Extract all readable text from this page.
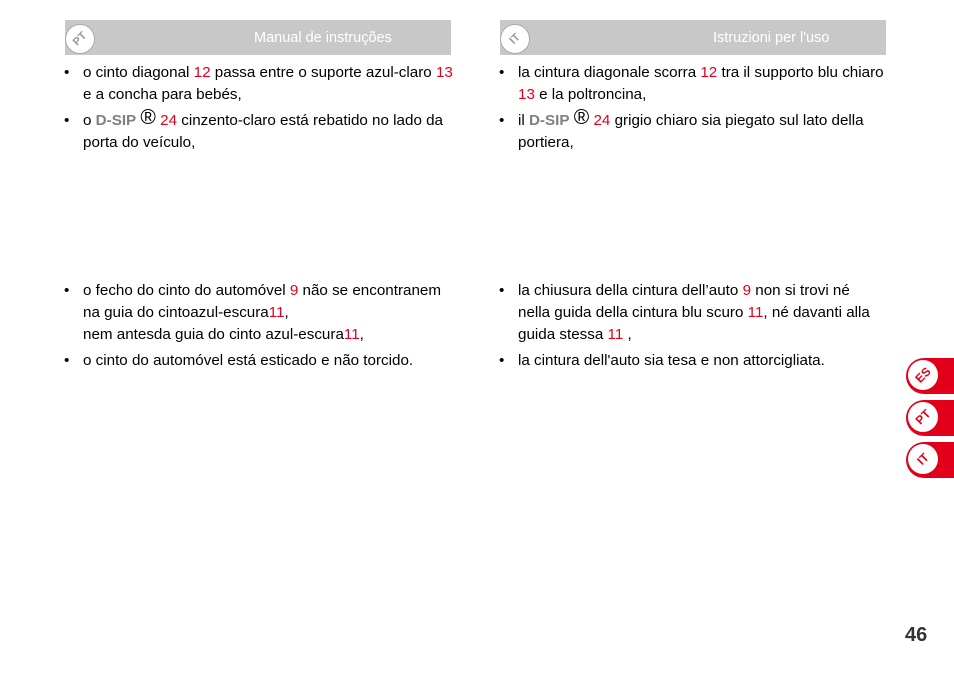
Manual de instruções
PT	Istruzioni per l'uso
IT
• o cinto diagonal 12 passa entre o suporte azul-claro 13 e a concha para bebés,
• o D-SIP ® 24 cinzento-claro está rebatido no lado da porta do veículo,
• o fecho do cinto do automóvel 9 não se encontranem na guia do cintoazul-escura11,
nem antesda guia do cinto azul-escura11,
• o cinto do automóvel está esticado e não torcido.
• la cintura diagonale scorra 12 tra il supporto blu chiaro 13 e la poltroncina,
• il D-SIP ® 24 grigio chiaro sia piegato sul lato della portiera,
• la chiusura della cintura dell’auto 9 non si trovi né nella guida della cintura blu scuro 11, né davanti alla guida stessa 11 ,
• la cintura dell'auto sia tesa e non attorcigliata.
ES
PT
IT
46
